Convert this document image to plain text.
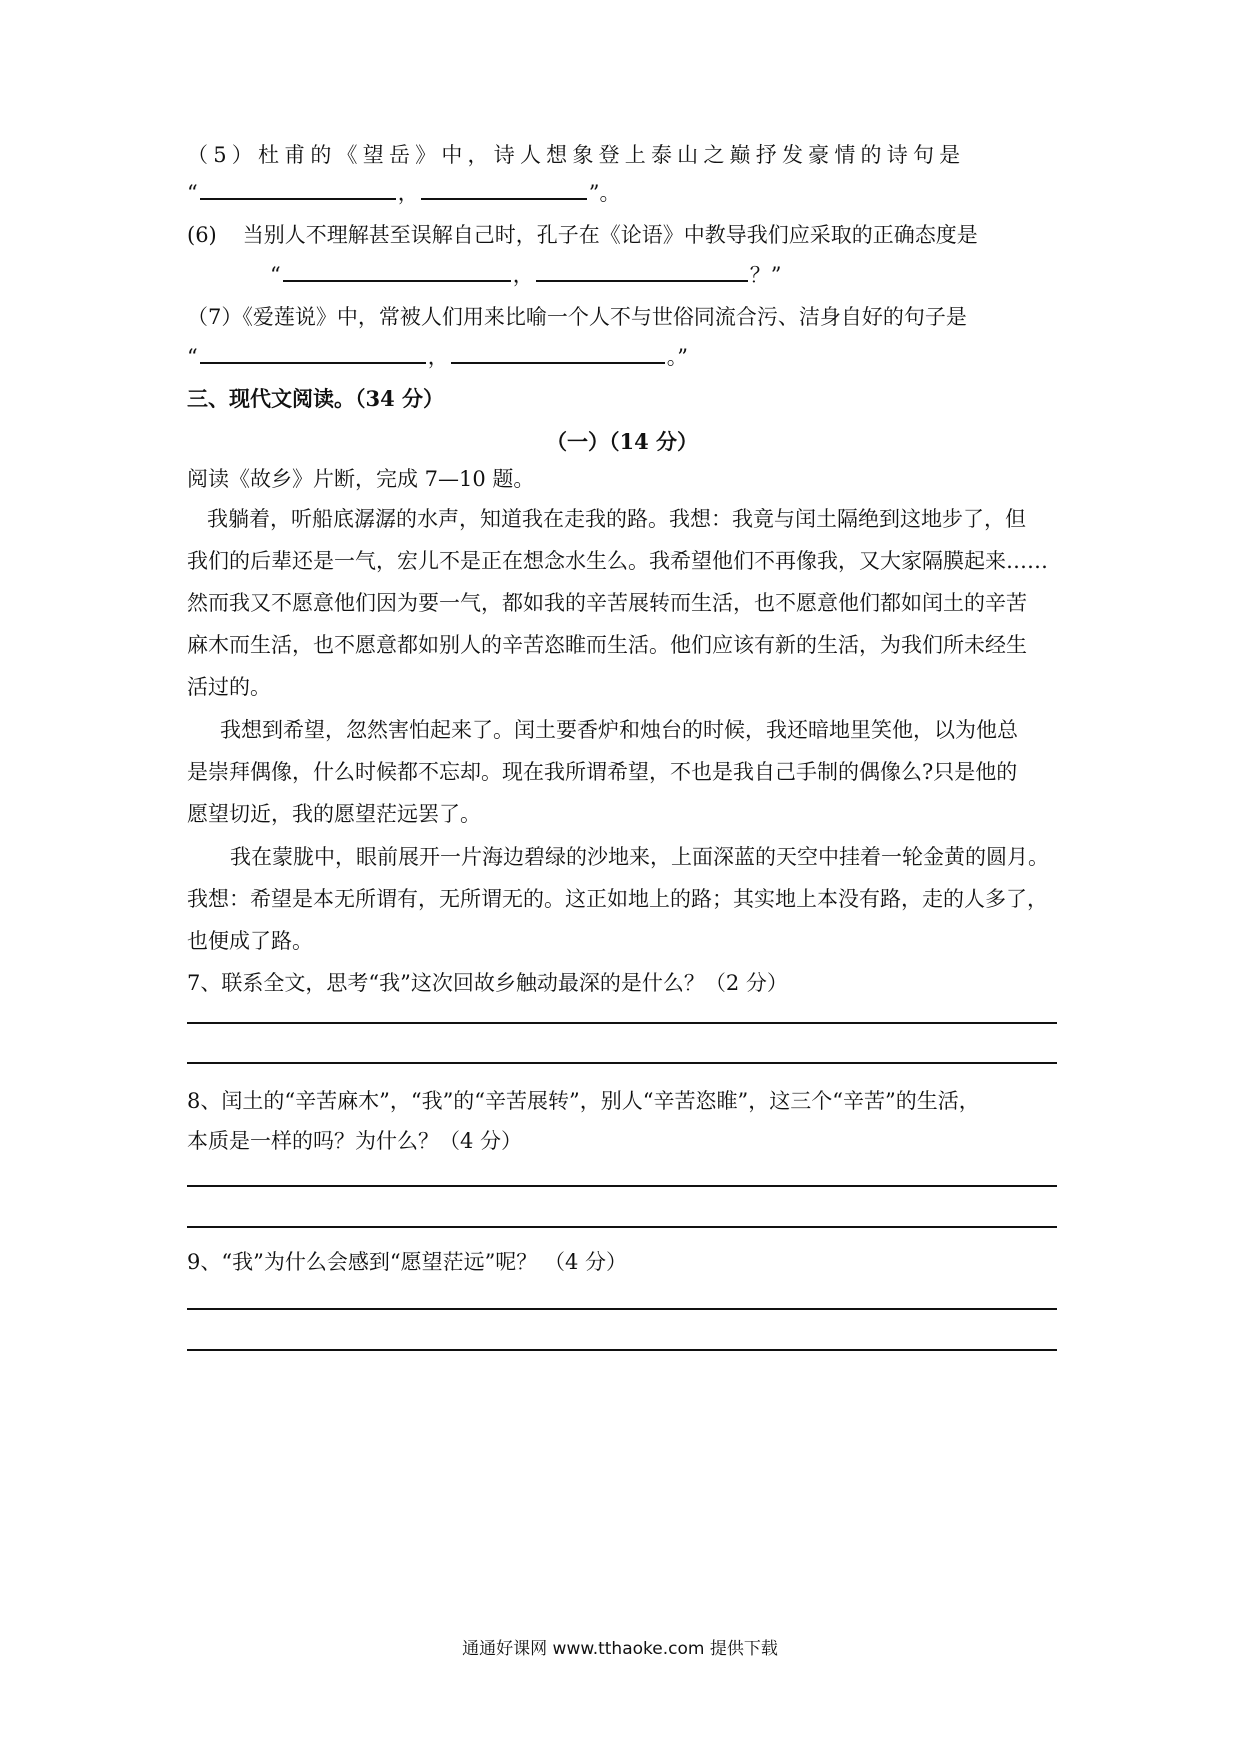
（5）杜甫的《望岳》中，诗人想象登上泰山之巅抒发豪情的诗句是
“	，	”。
(6) 当别人不理解甚至误解自己时，孔子在《论语》中教导我们应采取的正确态度是
“	，	？”
（7）《爱莲说》中，常被人们用来比喻一个人不与世俗同流合污、洁身自好的句子是
“	，	。”
三、现代文阅读。（34 分）
（一）（14 分）
阅读《故乡》片断，完成 7—10 题。
我躺着，听船底潺潺的水声，知道我在走我的路。我想：我竟与闰土隔绝到这地步了，但
我们的后辈还是一气，宏儿不是正在想念水生么。我希望他们不再像我，又大家隔膜起来……
然而我又不愿意他们因为要一气，都如我的辛苦展转而生活，也不愿意他们都如闰土的辛苦
麻木而生活，也不愿意都如别人的辛苦恣睢而生活。他们应该有新的生活，为我们所未经生
活过的。
我想到希望，忽然害怕起来了。闰土要香炉和烛台的时候，我还暗地里笑他，以为他总
是崇拜偶像，什么时候都不忘却。现在我所谓希望，不也是我自己手制的偶像么?只是他的
愿望切近，我的愿望茫远罢了。
我在蒙胧中，眼前展开一片海边碧绿的沙地来，上面深蓝的天空中挂着一轮金黄的圆月。
我想：希望是本无所谓有，无所谓无的。这正如地上的路；其实地上本没有路，走的人多了，
也便成了路。
7、联系全文，思考“我”这次回故乡触动最深的是什么？（2 分）
8、闰土的“辛苦麻木”，“我”的“辛苦展转”，别人“辛苦恣睢”，这三个“辛苦”的生活，
本质是一样的吗？为什么？（4 分）
9、“我”为什么会感到“愿望茫远”呢？ （4 分）
通通好课网 www.tthaoke.com 提供下载
